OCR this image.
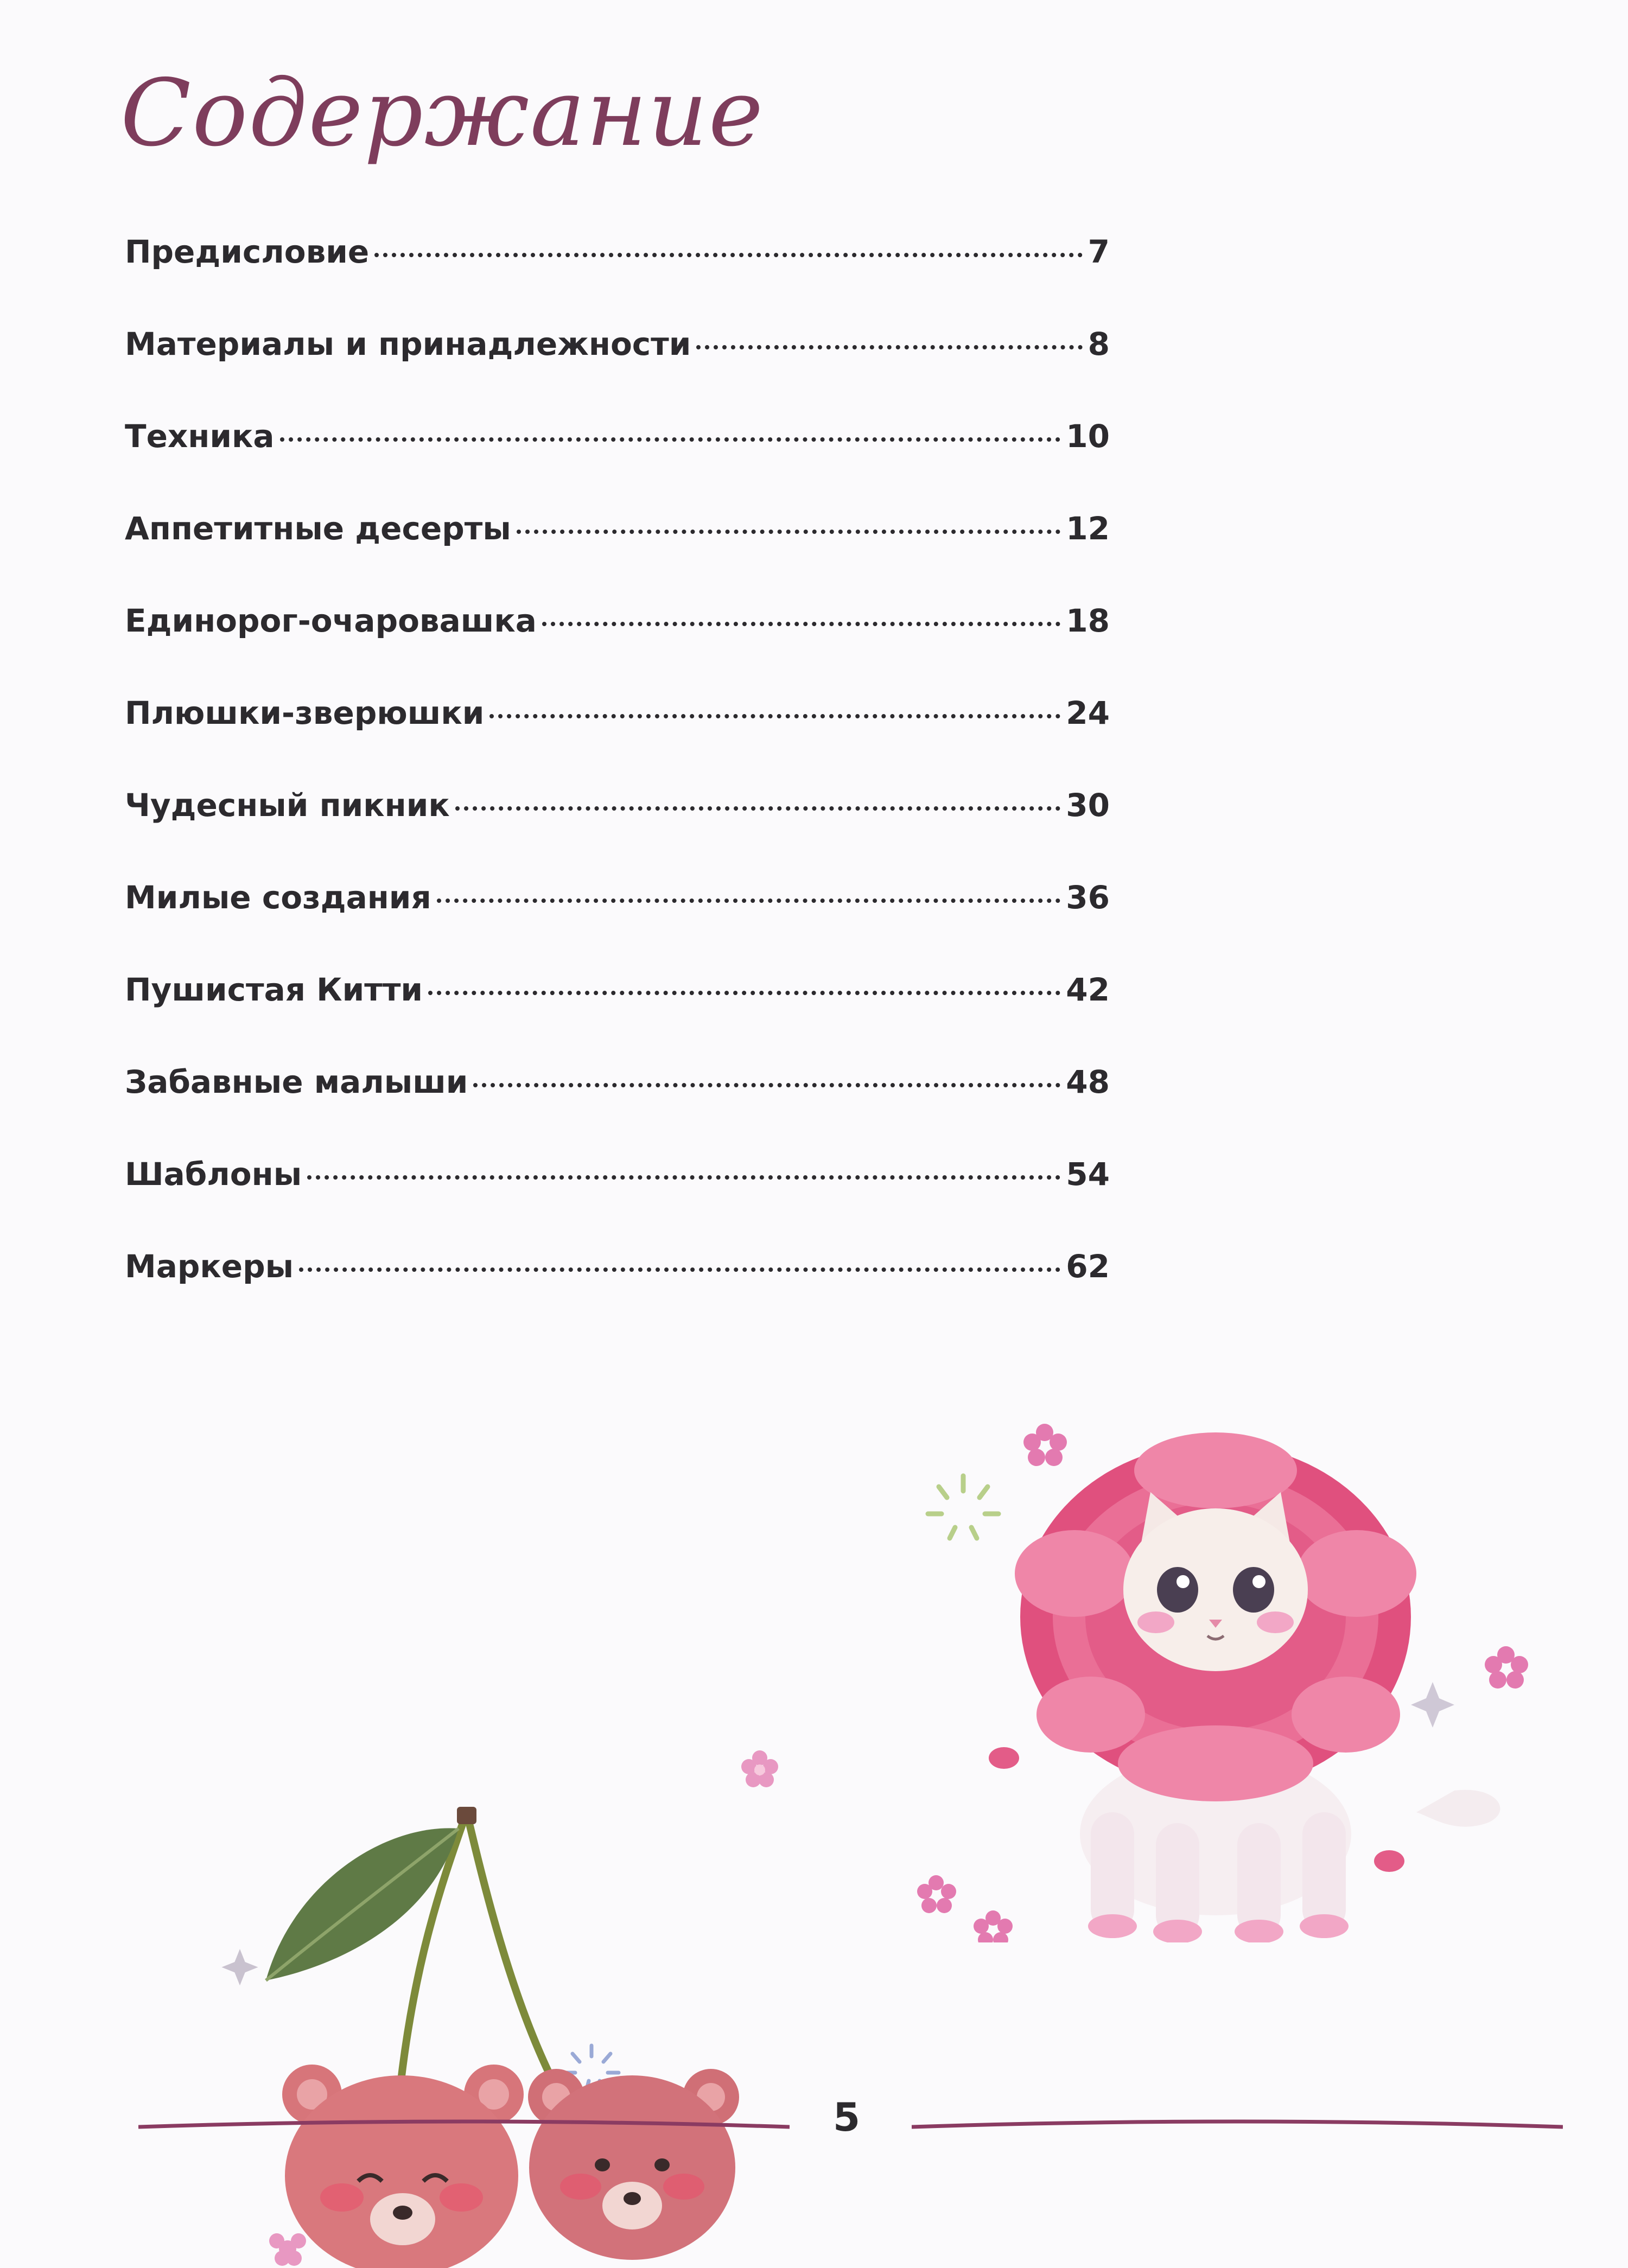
Содержание
Предисловие	7
Материалы и принадлежности	8
Техника	10
Аппетитные десерты	12
Единорог-очаровашка	18
Плюшки-зверюшки	24
Чудесный пикник	30
Милые создания	36
Пушистая Китти	42
Забавные малыши	48
Шаблоны	54
Маркеры	62
5
